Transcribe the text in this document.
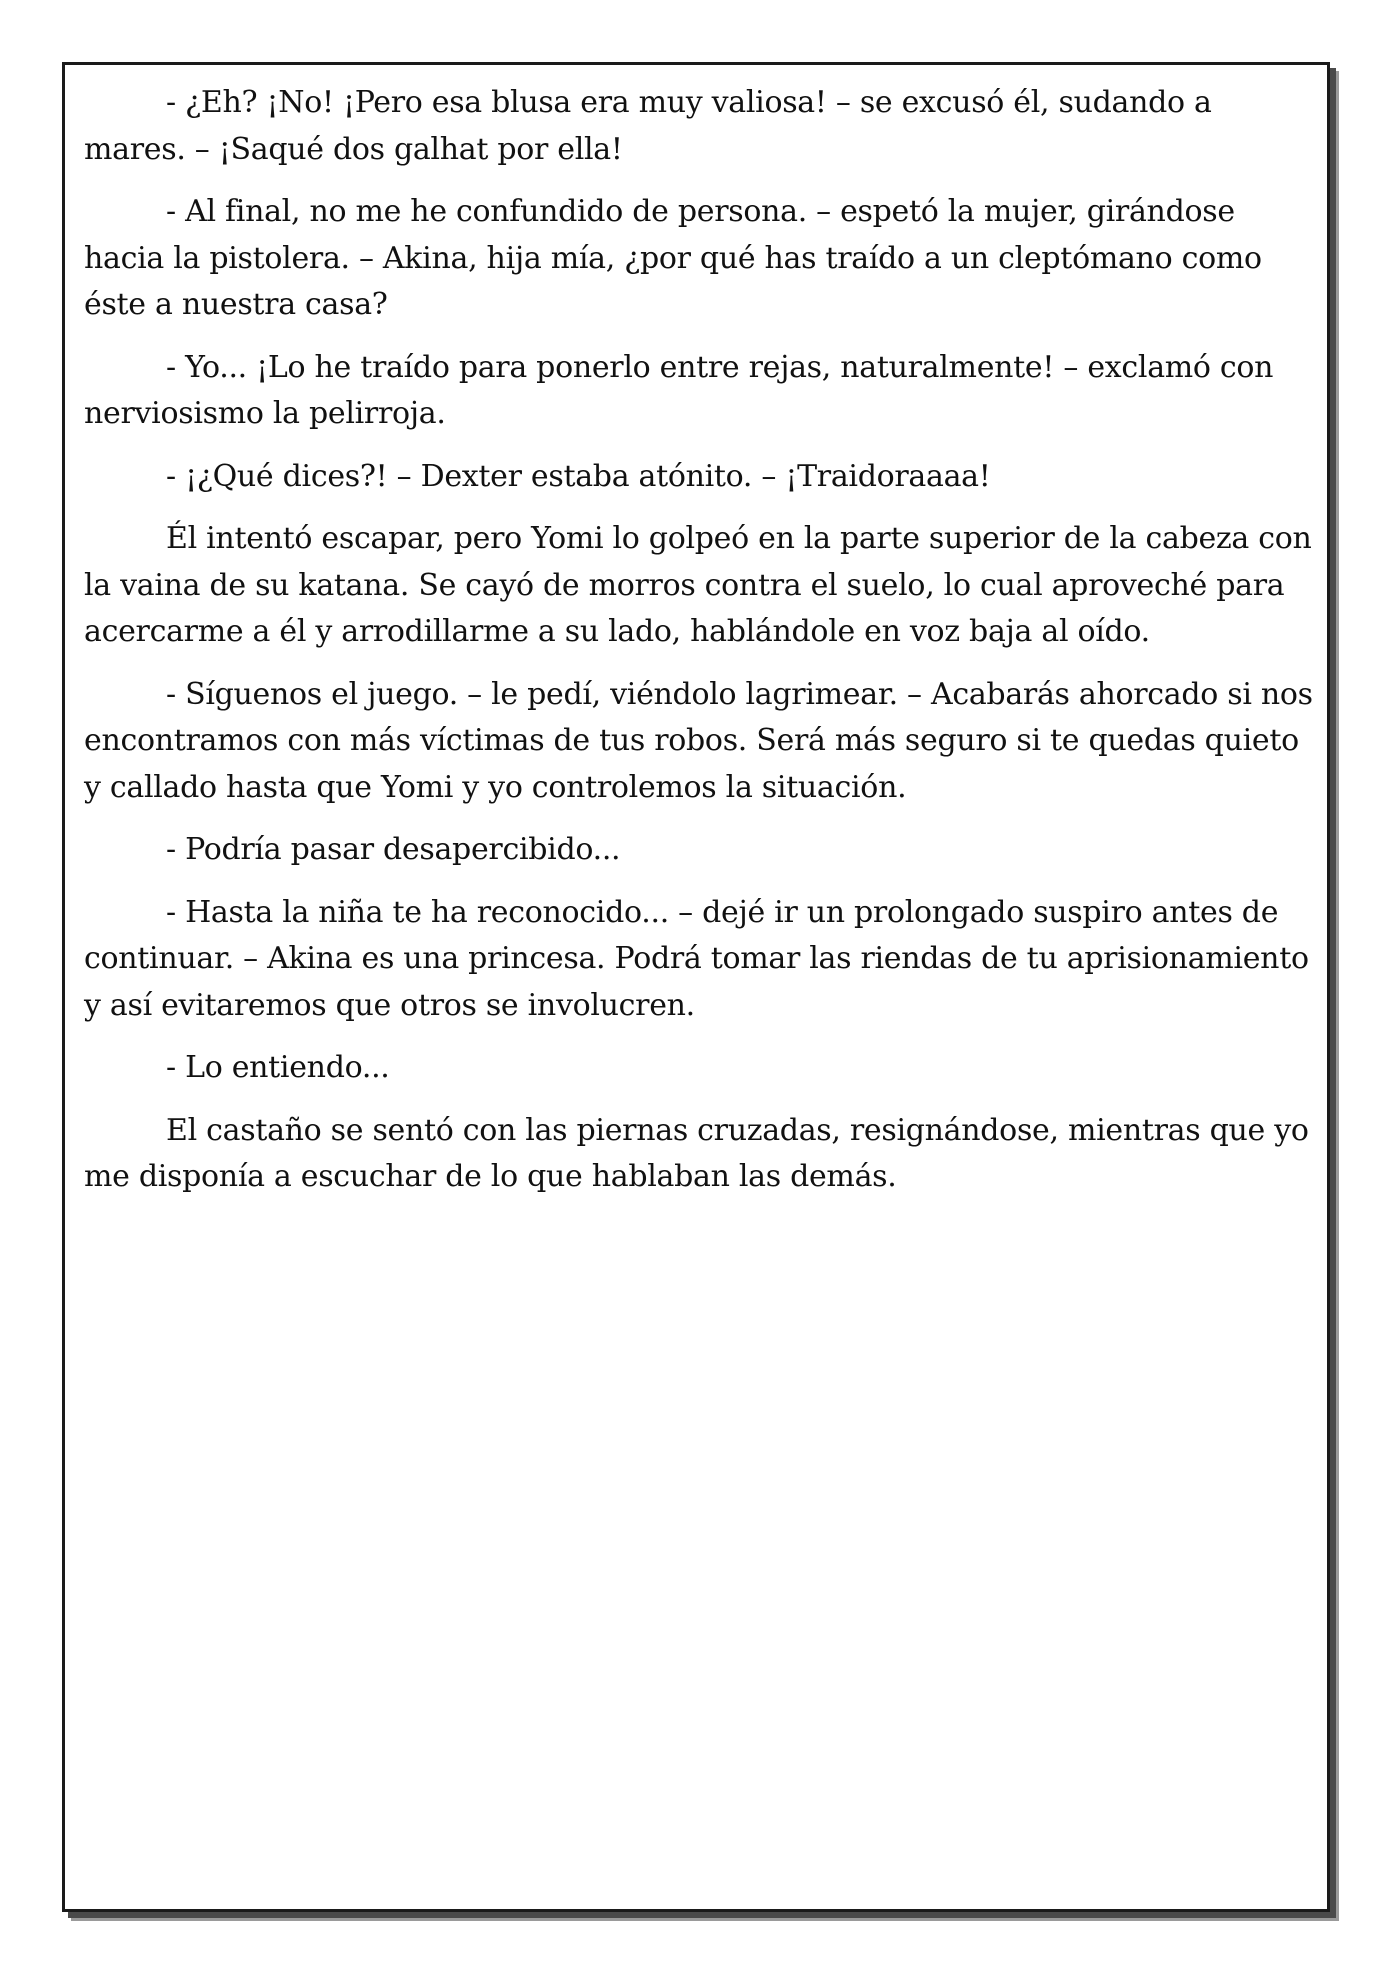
- ¿Eh? ¡No! ¡Pero esa blusa era muy valiosa! – se excusó él, sudando a mares. – ¡Saqué dos galhat por ella!

- Al final, no me he confundido de persona. – espetó la mujer, girándose hacia la pistolera. – Akina, hija mía, ¿por qué has traído a un cleptómano como éste a nuestra casa?

- Yo... ¡Lo he traído para ponerlo entre rejas, naturalmente! – exclamó con nerviosismo la pelirroja.

- ¡¿Qué dices?! – Dexter estaba atónito. – ¡Traidoraaaa!

Él intentó escapar, pero Yomi lo golpeó en la parte superior de la cabeza con la vaina de su katana. Se cayó de morros contra el suelo, lo cual aproveché para acercarme a él y arrodillarme a su lado, hablándole en voz baja al oído.

- Síguenos el juego. – le pedí, viéndolo lagrimear. – Acabarás ahorcado si nos encontramos con más víctimas de tus robos. Será más seguro si te quedas quieto y callado hasta que Yomi y yo controlemos la situación.

- Podría pasar desapercibido...

- Hasta la niña te ha reconocido... – dejé ir un prolongado suspiro antes de continuar. – Akina es una princesa. Podrá tomar las riendas de tu aprisionamiento y así evitaremos que otros se involucren.

- Lo entiendo...

El castaño se sentó con las piernas cruzadas, resignándose, mientras que yo me disponía a escuchar de lo que hablaban las demás.
